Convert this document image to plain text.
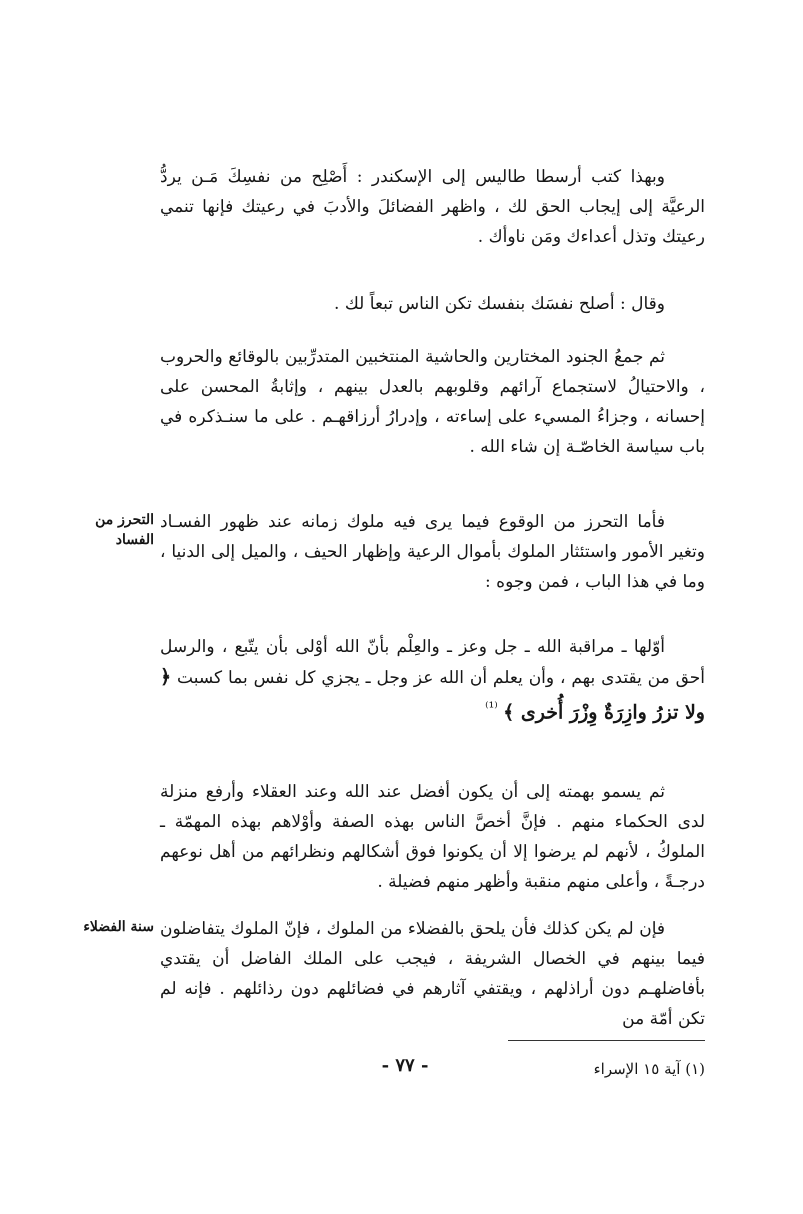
وبهذا كتب أرسطا طاليس إلى الإسكندر : أَصْلِح من نفسِكَ مَـن يردُّ الرعيَّة إلى إيجاب الحق لك ، واظهر الفضائلَ والأدبَ في رعيتك فإنها تنمي رعيتك وتذل أعداءك ومَن ناوأك .

وقال : أصلح نفسَك بنفسك تكن الناس تبعاً لك .

ثم جمعُ الجنود المختارين والحاشية المنتخبين المتدرِّبين بالوقائع والحروب ، والاحتيالُ لاستجماع آرائهم وقلوبهم بالعدل بينهم ، وإثابةُ المحسن على إحسانه ، وجزاءُ المسيء على إساءته ، وإدرارُ أرزاقهـم . على ما سنـذكره في باب سياسة الخاصّـة إن شاء الله .

التحرز من الفساد

فأما التحرز من الوقوع فيما يرى فيه ملوك زمانه عند ظهور الفسـاد وتغير الأمور واستئثار الملوك بأموال الرعية وإظهار الحيف ، والميل إلى الدنيا ، وما في هذا الباب ، فمن وجوه :

أوّلها ـ مراقبة الله ـ جل وعز ـ والعِلْم بأنّ الله أوْلى بأن يتّبع ، والرسل أحق من يقتدى بهم ، وأن يعلم أن الله عز وجل ـ يجزي كل نفس بما كسبت ﴿ ولا تزرُ وازِرَةٌ وِزْرَ أُخرى ﴾ $^{^{(1)}}$

ثم يسمو بهمته إلى أن يكون أفضل عند الله وعند العقلاء وأرفع منزلة لدى الحكماء منهم . فإنَّ أخصَّ الناس بهذه الصفة وأوْلاهم بهذه المهمّة ـ الملوكُ ، لأنهم لم يرضوا إلا أن يكونوا فوق أشكالهم ونظرائهم من أهل نوعهم درجـةً ، وأعلى منهم منقبة وأظهر منهم فضيلة .

سنة الفضلاء فإن لم يكن كذلك فأن يلحق بالفضلاء من الملوك ، فإنّ الملوك يتفاضلون فيما بينهم في الخصال الشريفة ، فيجب على الملك الفاضل أن يقتدي بأفاضلهـم دون أراذلهم ، ويقتفي آثارهم في فضائلهم دون رذائلهم . فإنه لم تكن أمّة من

- ٧٧ -	(١) آية ١٥ الإسراء
